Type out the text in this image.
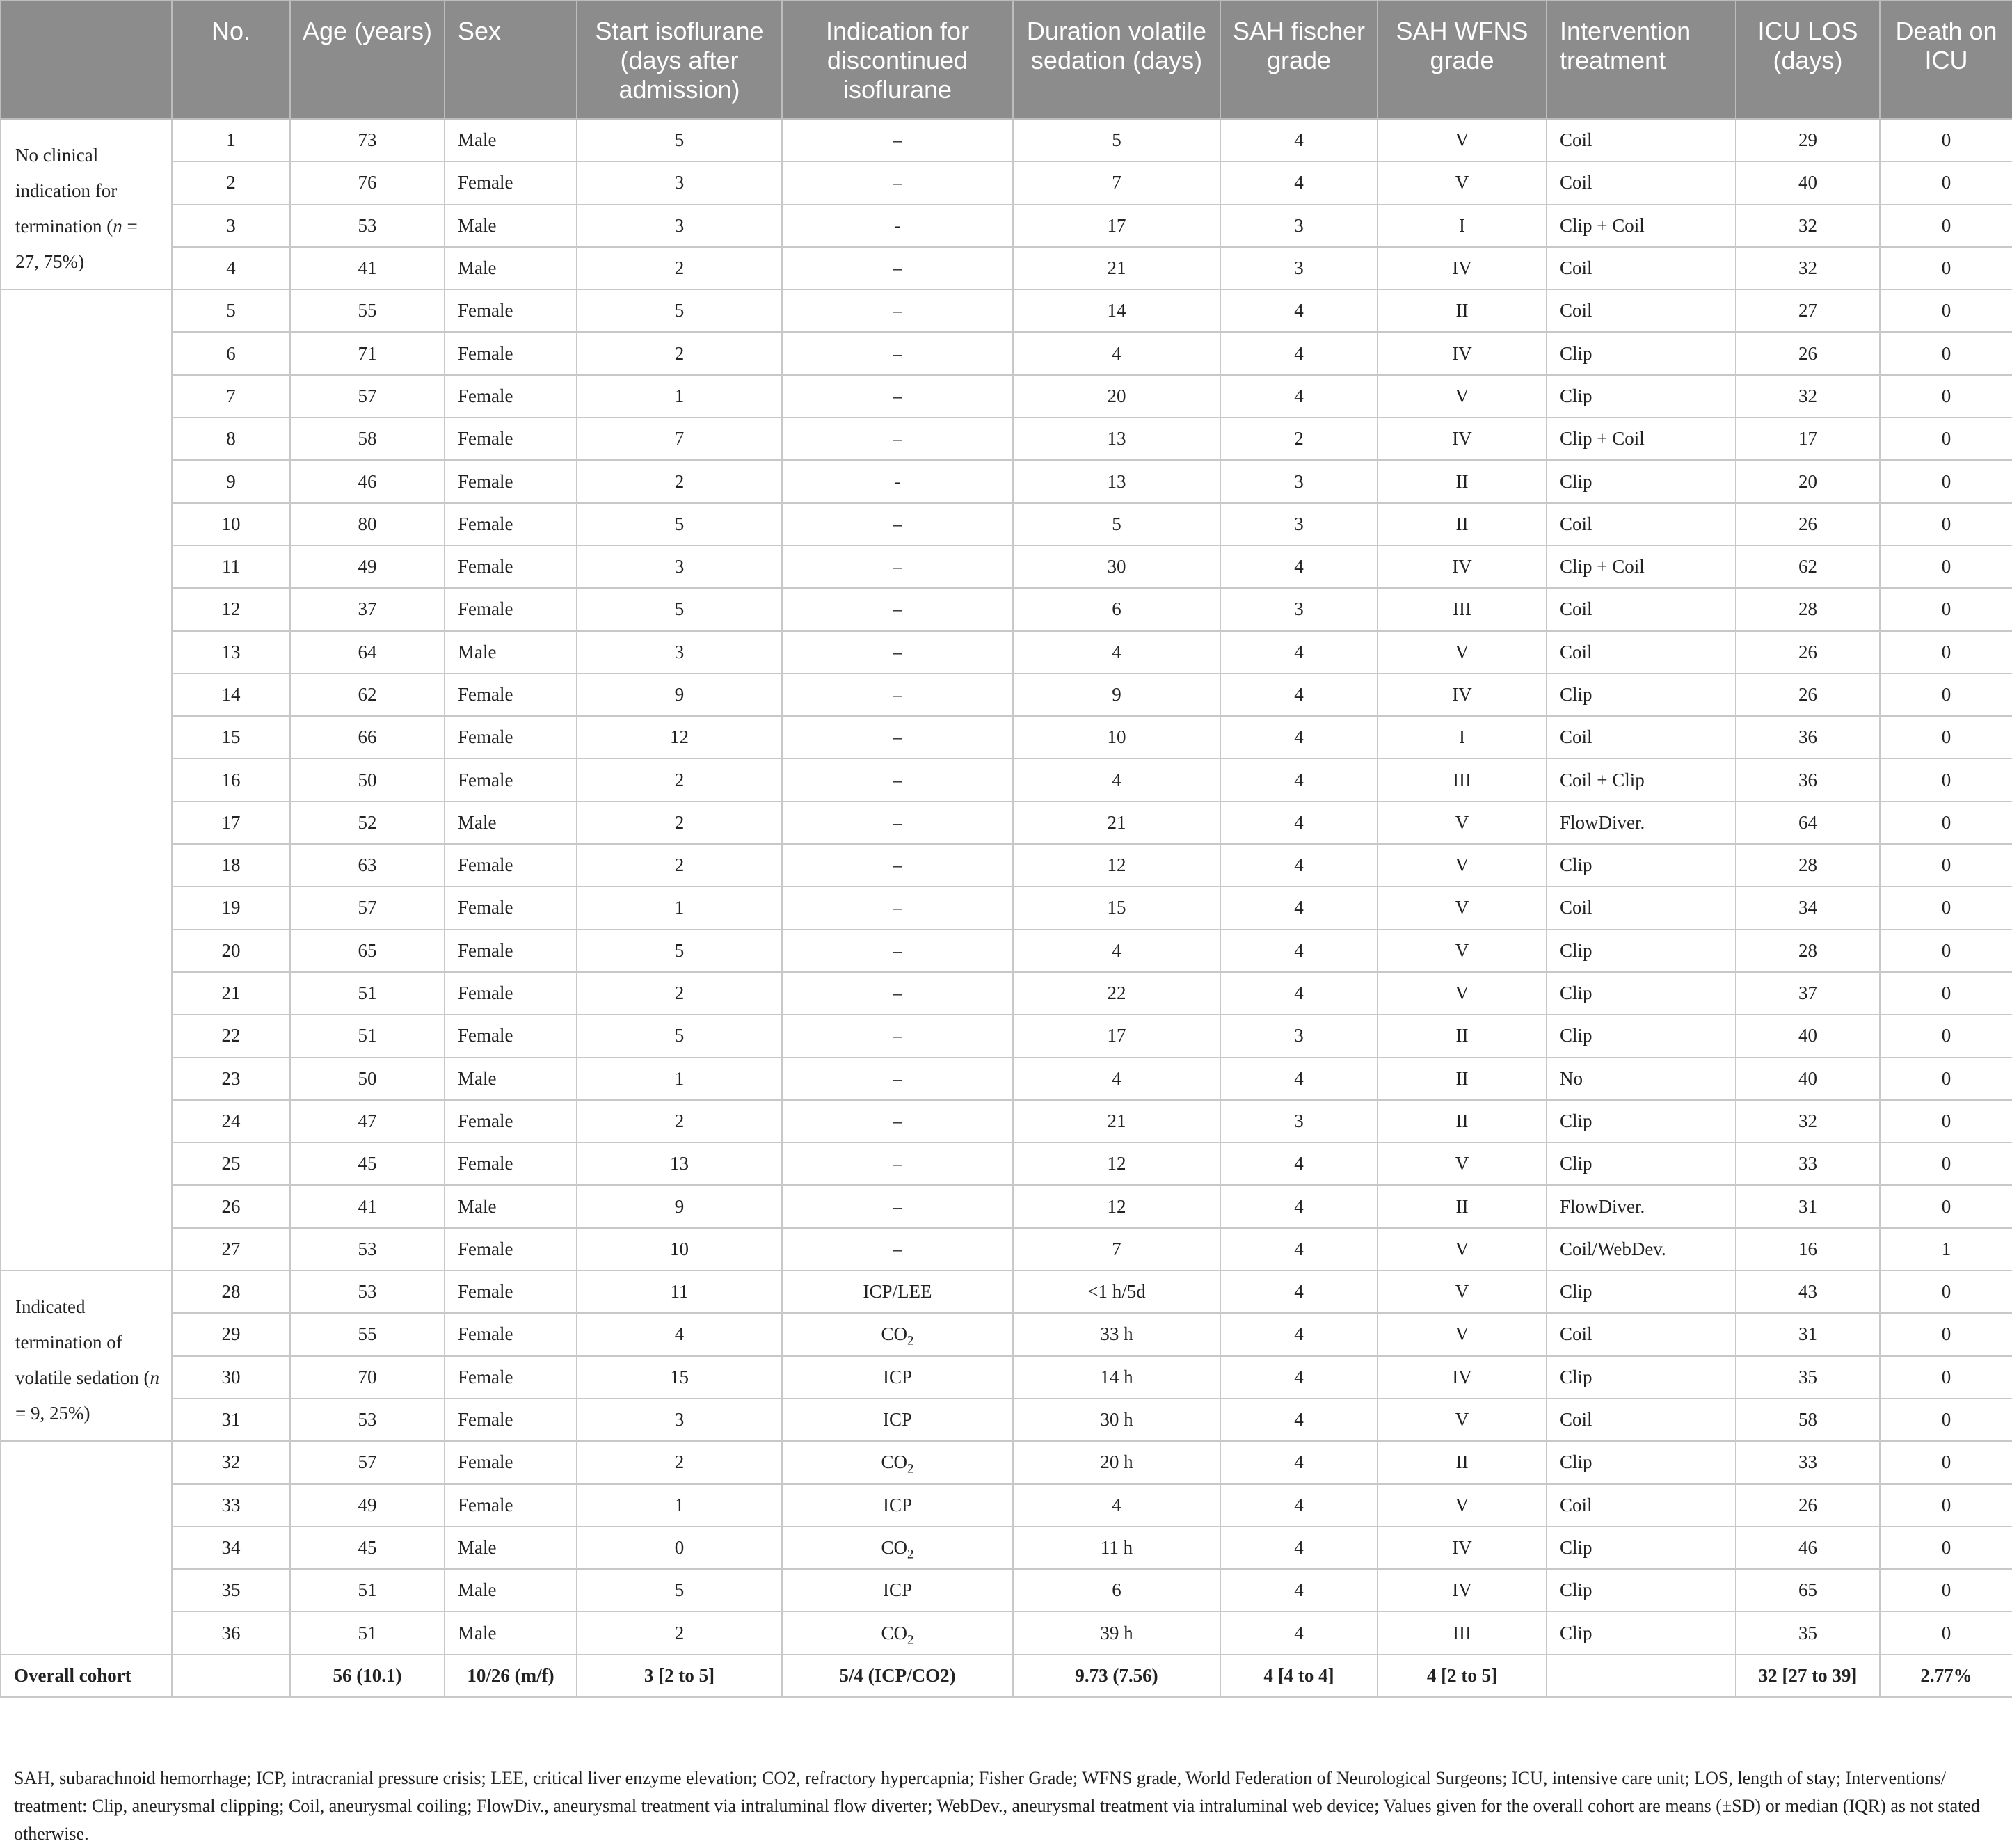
	No.	Age (years)	Sex	Start isoflurane (days after admission)	Indication for discontinued isoflurane	Duration volatile sedation (days)	SAH fischer grade	SAH WFNS grade	Intervention treatment	ICU LOS (days)	Death on ICU
No clinical indication for termination (n = 27, 75%)	1	73	Male	5	–	5	4	V	Coil	29	0
	2	76	Female	3	–	7	4	V	Coil	40	0
	3	53	Male	3	-	17	3	I	Clip + Coil	32	0
	4	41	Male	2	–	21	3	IV	Coil	32	0
	5	55	Female	5	–	14	4	II	Coil	27	0
	6	71	Female	2	–	4	4	IV	Clip	26	0
	7	57	Female	1	–	20	4	V	Clip	32	0
	8	58	Female	7	–	13	2	IV	Clip + Coil	17	0
	9	46	Female	2	-	13	3	II	Clip	20	0
	10	80	Female	5	–	5	3	II	Coil	26	0
	11	49	Female	3	–	30	4	IV	Clip + Coil	62	0
	12	37	Female	5	–	6	3	III	Coil	28	0
	13	64	Male	3	–	4	4	V	Coil	26	0
	14	62	Female	9	–	9	4	IV	Clip	26	0
	15	66	Female	12	–	10	4	I	Coil	36	0
	16	50	Female	2	–	4	4	III	Coil + Clip	36	0
	17	52	Male	2	–	21	4	V	FlowDiver.	64	0
	18	63	Female	2	–	12	4	V	Clip	28	0
	19	57	Female	1	–	15	4	V	Coil	34	0
	20	65	Female	5	–	4	4	V	Clip	28	0
	21	51	Female	2	–	22	4	V	Clip	37	0
	22	51	Female	5	–	17	3	II	Clip	40	0
	23	50	Male	1	–	4	4	II	No	40	0
	24	47	Female	2	–	21	3	II	Clip	32	0
	25	45	Female	13	–	12	4	V	Clip	33	0
	26	41	Male	9	–	12	4	II	FlowDiver.	31	0
	27	53	Female	10	–	7	4	V	Coil/WebDev.	16	1
Indicated termination of volatile sedation (n = 9, 25%)	28	53	Female	11	ICP/LEE	<1 h/5d	4	V	Clip	43	0
	29	55	Female	4	$CO_2$	33 h	4	V	Coil	31	0
	30	70	Female	15	ICP	14 h	4	IV	Clip	35	0
	31	53	Female	3	ICP	30 h	4	V	Coil	58	0
	32	57	Female	2	$CO_2$	20 h	4	II	Clip	33	0
	33	49	Female	1	ICP	4	4	V	Coil	26	0
	34	45	Male	0	$CO_2$	11 h	4	IV	Clip	46	0
	35	51	Male	5	ICP	6	4	IV	Clip	65	0
	36	51	Male	2	$CO_2$	39 h	4	III	Clip	35	0
Overall cohort		56 (10.1)	10/26 (m/f)	3 [2 to 5]	5/4 (ICP/CO2)	9.73 (7.56)	4 [4 to 4]	4 [2 to 5]		32 [27 to 39]	2.77%
SAH, subarachnoid hemorrhage; ICP, intracranial pressure crisis; LEE, critical liver enzyme elevation; CO2, refractory hypercapnia; Fisher Grade; WFNS grade, World Federation of Neurological Surgeons; ICU, intensive care unit; LOS, length of stay; Interventions/ treatment: Clip, aneurysmal clipping; Coil, aneurysmal coiling; FlowDiv., aneurysmal treatment via intraluminal flow diverter; WebDev., aneurysmal treatment via intraluminal web device; Values given for the overall cohort are means (±SD) or median (IQR) as not stated otherwise.
